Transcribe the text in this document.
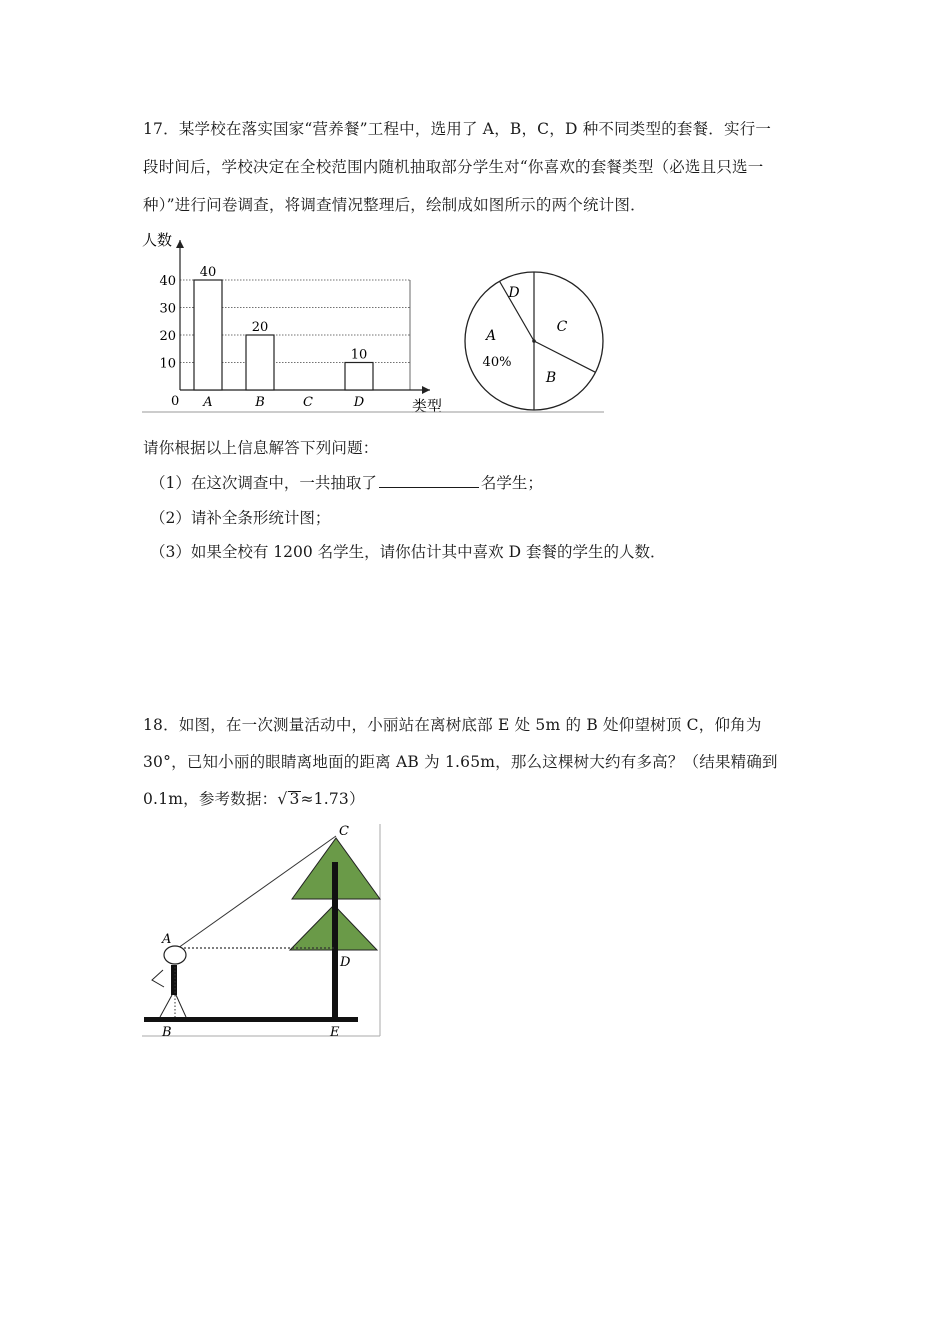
17．某学校在落实国家“营养餐”工程中，选用了 A，B，C，D 种不同类型的套餐．实行一
段时间后，学校决定在全校范围内随机抽取部分学生对“你喜欢的套餐类型（必选且只选一
种）”进行问卷调查，将调查情况整理后，绘制成如图所示的两个统计图．
人数
类型
0
10
20
30
40
40
A
20
B	C
10
D
A
B
C
D
40%
请你根据以上信息解答下列问题：
（1）在这次调查中，一共抽取了	名学生；
（2）请补全条形统计图；
（3）如果全校有 1200 名学生，请你估计其中喜欢 D 套餐的学生的人数．
18．如图，在一次测量活动中，小丽站在离树底部 E 处 5m 的 B 处仰望树顶 C，仰角为
30°，已知小丽的眼睛离地面的距离 AB 为 1.65m，那么这棵树大约有多高？（结果精确到
0.1m，参考数据：√ 3≈1.73）
C
A
D
B	E
